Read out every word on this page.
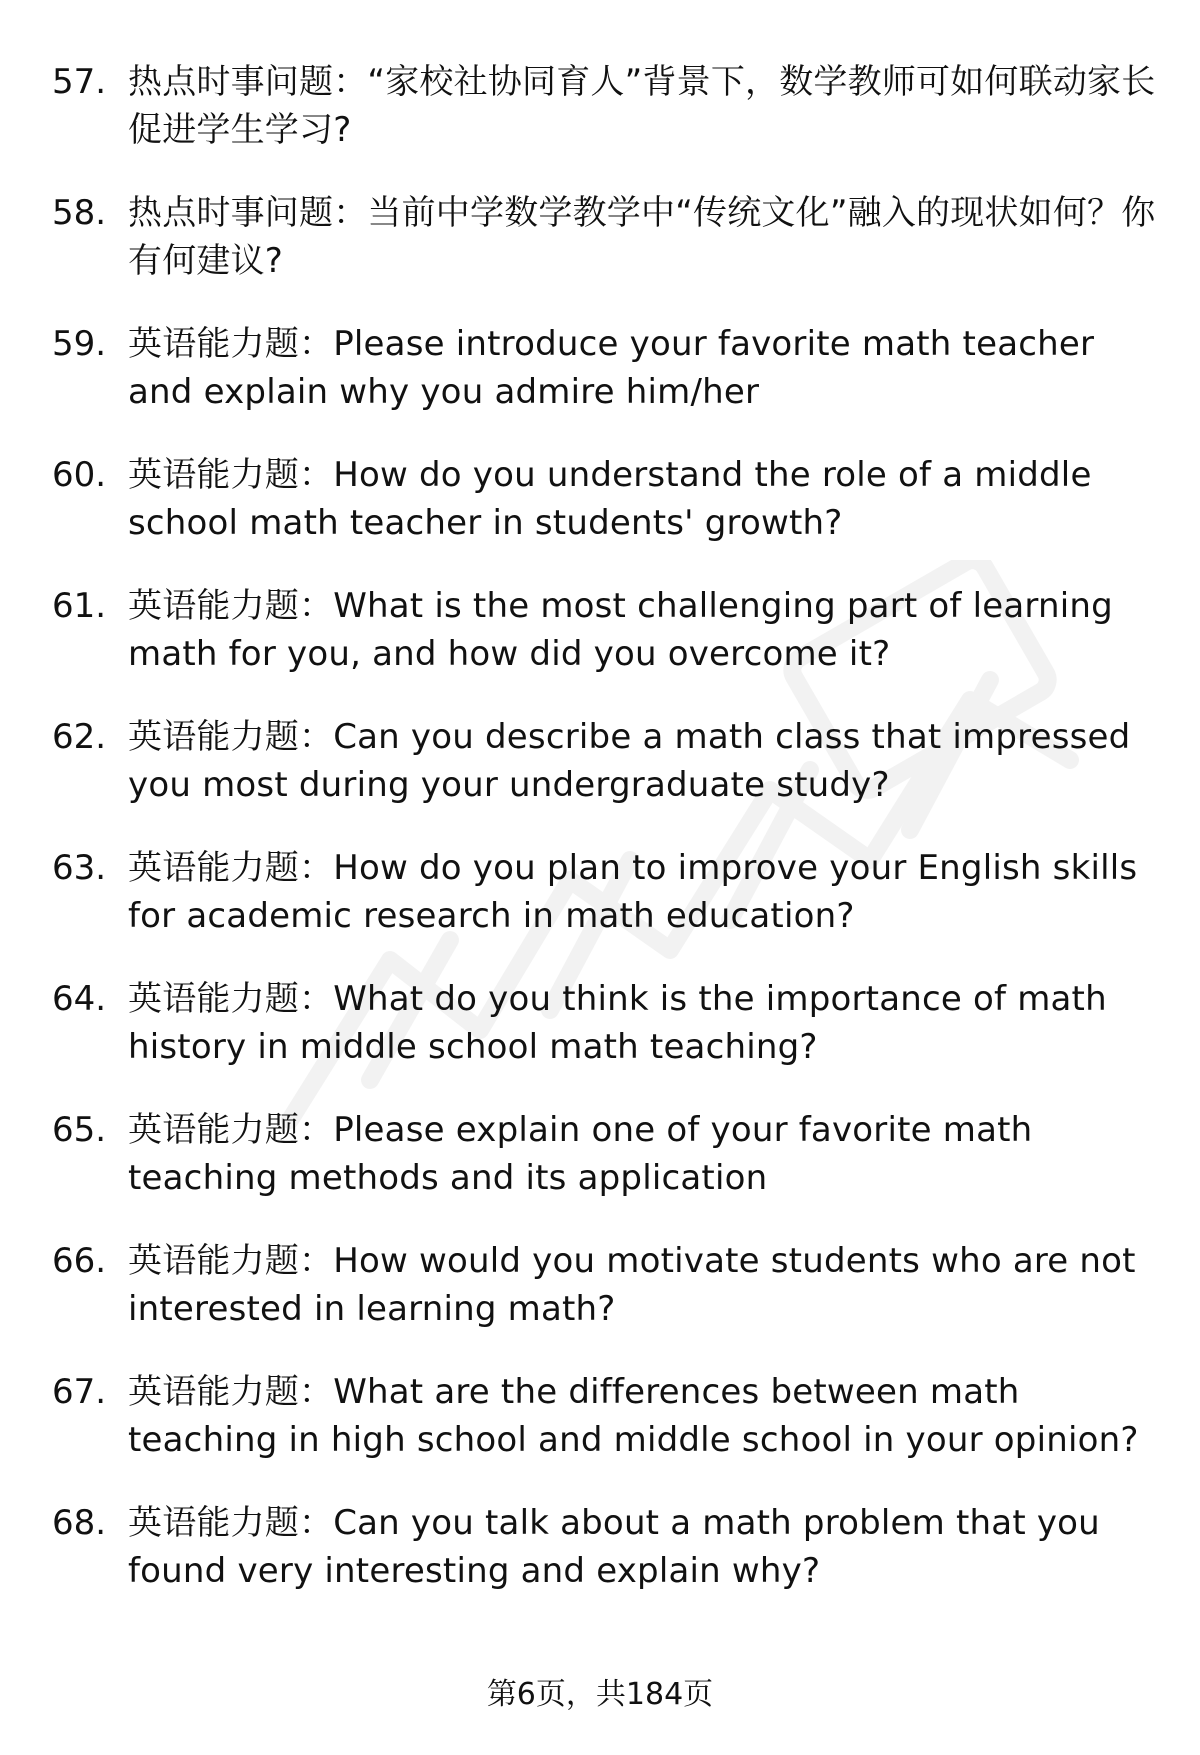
57. 热点时事问题：“家校社协同育人”背景下，数学教师可如何联动家长促进学生学习?
58. 热点时事问题：当前中学数学教学中“传统文化”融入的现状如何？你有何建议?
59. 英语能力题：Please introduce your favorite math teacher and explain why you admire him/her
60. 英语能力题：How do you understand the role of a middle school math teacher in students' growth?
61. 英语能力题：What is the most challenging part of learning math for you, and how did you overcome it?
62. 英语能力题：Can you describe a math class that impressed you most during your undergraduate study?
63. 英语能力题：How do you plan to improve your English skills for academic research in math education?
64. 英语能力题：What do you think is the importance of math history in middle school math teaching?
65. 英语能力题：Please explain one of your favorite math teaching methods and its application
66. 英语能力题：How would you motivate students who are not interested in learning math?
67. 英语能力题：What are the differences between math teaching in high school and middle school in your opinion?
68. 英语能力题：Can you talk about a math problem that you found very interesting and explain why?
第6页，共184页
